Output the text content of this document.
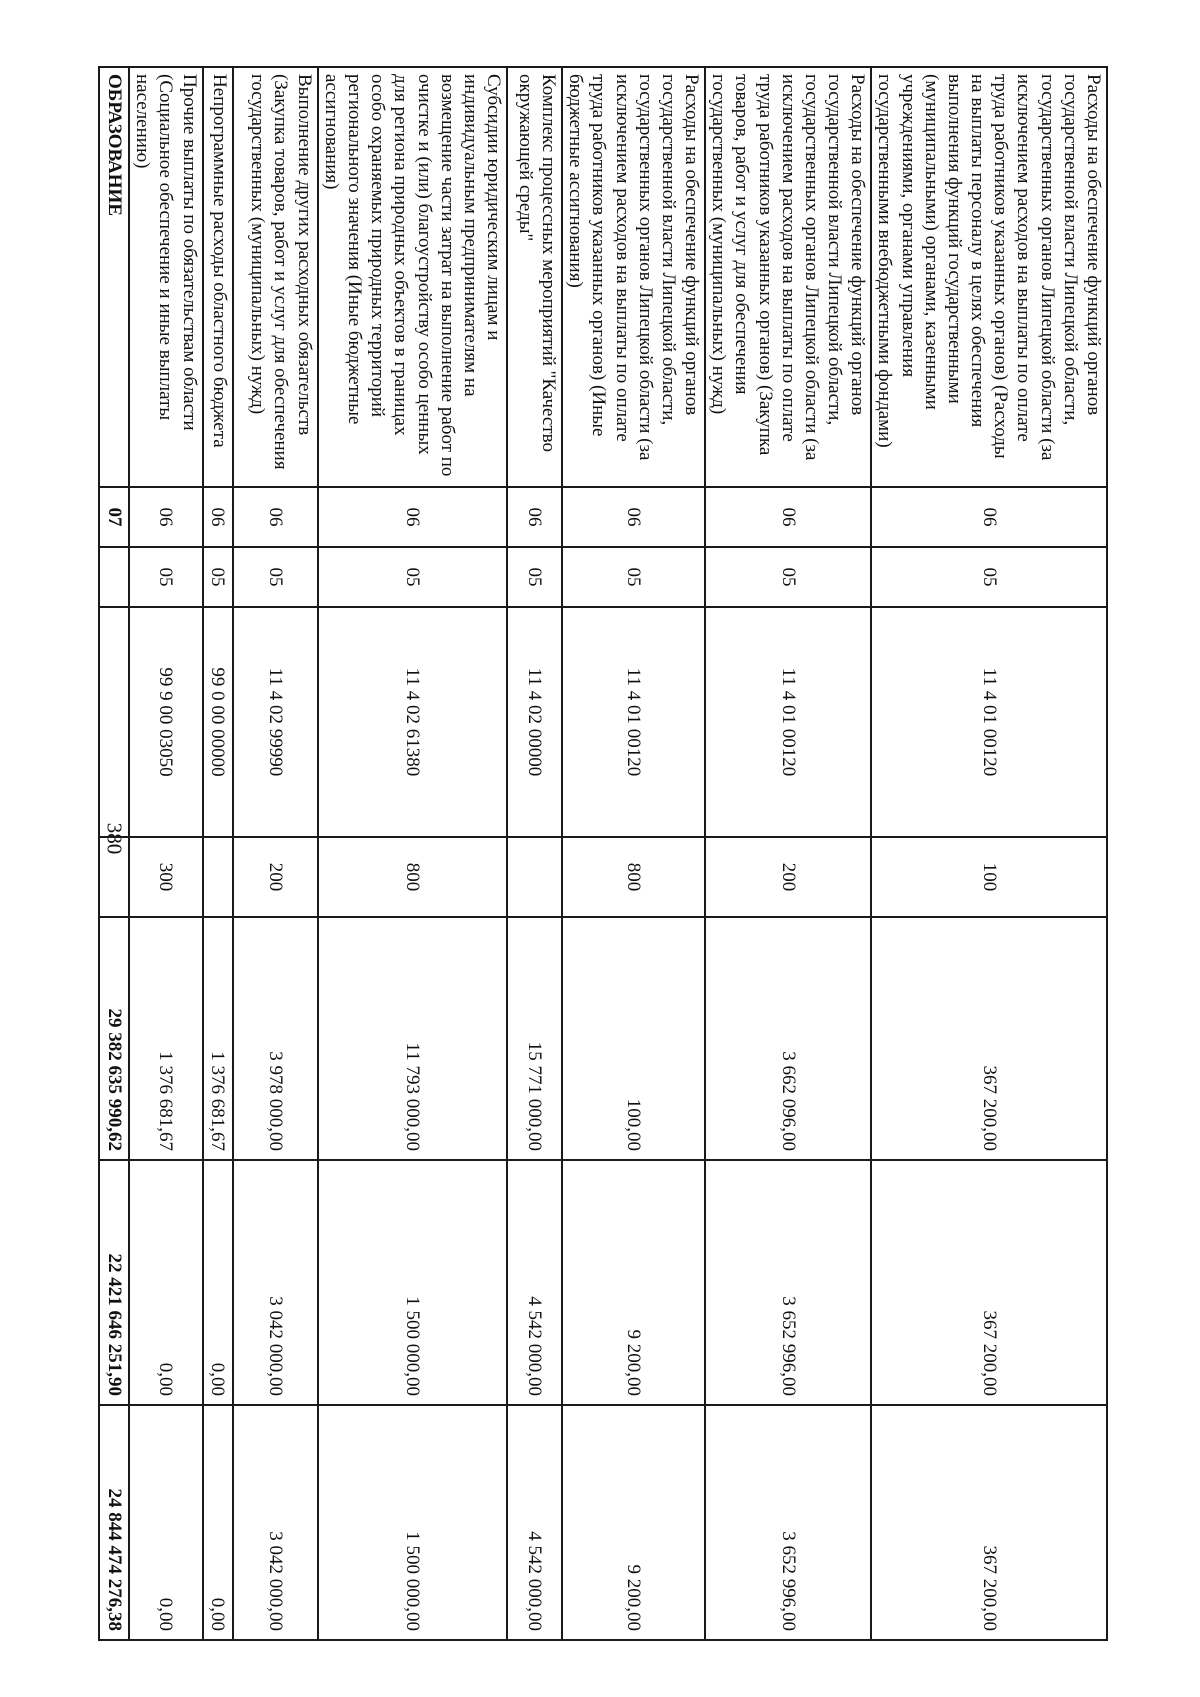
380
Расходы на обеспечение функций органов государственной власти Липецкой области, государственных органов Липецкой области (за исключением расходов на выплаты по оплате труда работников указанных органов) (Расходы на выплаты персоналу в целях обеспечения выполнения функций государственными (муниципальными) органами, казенными учреждениями, органами управления государственными внебюджетными фондами)	06	05	11 4 01 00120	100	367 200,00	367 200,00	367 200,00
Расходы на обеспечение функций органов государственной власти Липецкой области, государственных органов Липецкой области (за исключением расходов на выплаты по оплате труда работников указанных органов) (Закупка товаров, работ и услуг для обеспечения государственных (муниципальных) нужд)	06	05	11 4 01 00120	200	3 662 096,00	3 652 996,00	3 652 996,00
Расходы на обеспечение функций органов государственной власти Липецкой области, государственных органов Липецкой области (за исключением расходов на выплаты по оплате труда работников указанных органов) (Иные бюджетные ассигнования)	06	05	11 4 01 00120	800	100,00	9 200,00	9 200,00
Комплекс процессных мероприятий "Качество окружающей среды"	06	05	11 4 02 00000		15 771 000,00	4 542 000,00	4 542 000,00
Субсидии юридическим лицам и индивидуальным предпринимателям на возмещение части затрат на выполнение работ по очистке и (или) благоустройству особо ценных для региона природных объектов в границах особо охраняемых природных территорий регионального значения (Иные бюджетные ассигнования)	06	05	11 4 02 61380	800	11 793 000,00	1 500 000,00	1 500 000,00
Выполнение других расходных обязательств (Закупка товаров, работ и услуг для обеспечения государственных (муниципальных) нужд)	06	05	11 4 02 99990	200	3 978 000,00	3 042 000,00	3 042 000,00
Непрограммные расходы областного бюджета	06	05	99 0 00 00000		1 376 681,67	0,00	0,00
Прочие выплаты по обязательствам области (Социальное обеспечение и иные выплаты населению)	06	05	99 9 00 03050	300	1 376 681,67	0,00	0,00
ОБРАЗОВАНИЕ	07				29 382 635 990,62	22 421 646 251,90	24 844 474 276,38
